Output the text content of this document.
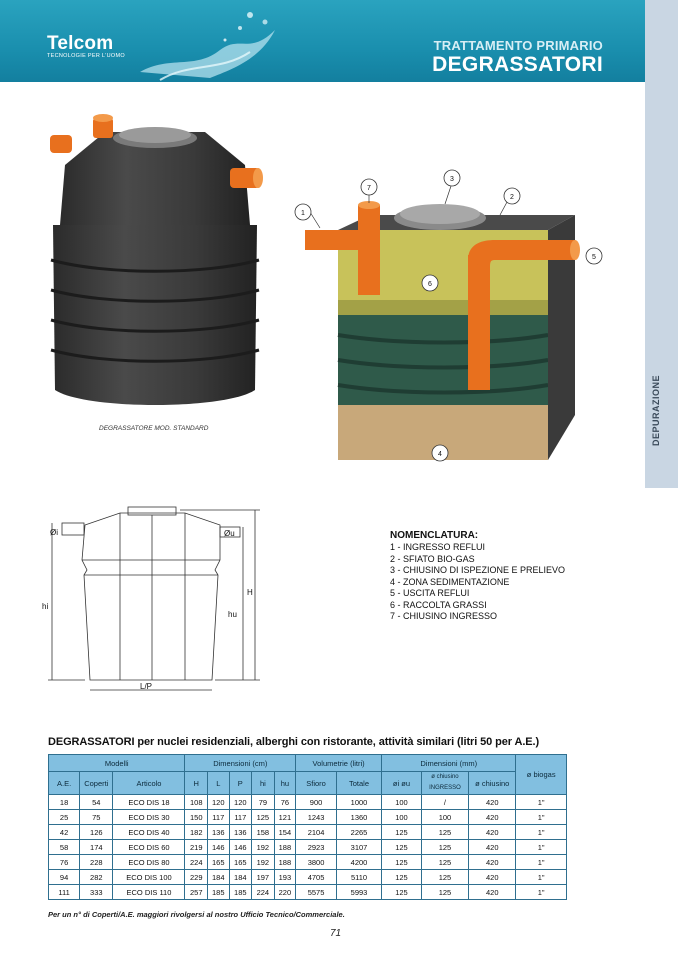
Telcom
TECNOLOGIE PER L'UOMO
TRATTAMENTO PRIMARIO
DEGRASSATORI
DEPURAZIONE
DEGRASSATORE MOD. STANDARD
1
2
3
4
5
6
7
Øi	Øu
hi
hu
H
L/P
NOMENCLATURA:
1 - INGRESSO REFLUI
2 - SFIATO BIO-GAS
3 - CHIUSINO DI ISPEZIONE E PRELIEVO
4 - ZONA SEDIMENTAZIONE
5 - USCITA REFLUI
6 - RACCOLTA GRASSI
7 - CHIUSINO INGRESSO
DEGRASSATORI per nuclei residenziali, alberghi con ristorante, attività similari (litri 50 per A.E.)
Modelli			Dimensioni (cm)					Volumetrie (litri)		Dimensioni (mm)			ø biogas
A.E.	Coperti	Articolo	H	L	P	hi	hu	Sfioro	Totale	øi øu	ø chiusino INGRESSO	ø chiusino	
18	54	ECO DIS 18	108	120	120	79	76	900	1000	100	/	420	1"
25	75	ECO DIS 30	150	117	117	125	121	1243	1360	100	100	420	1"
42	126	ECO DIS 40	182	136	136	158	154	2104	2265	125	125	420	1"
58	174	ECO DIS 60	219	146	146	192	188	2923	3107	125	125	420	1"
76	228	ECO DIS 80	224	165	165	192	188	3800	4200	125	125	420	1"
94	282	ECO DIS 100	229	184	184	197	193	4705	5110	125	125	420	1"
111	333	ECO DIS 110	257	185	185	224	220	5575	5993	125	125	420	1"
Per un n° di Coperti/A.E. maggiori rivolgersi al nostro Ufficio Tecnico/Commerciale.
71
